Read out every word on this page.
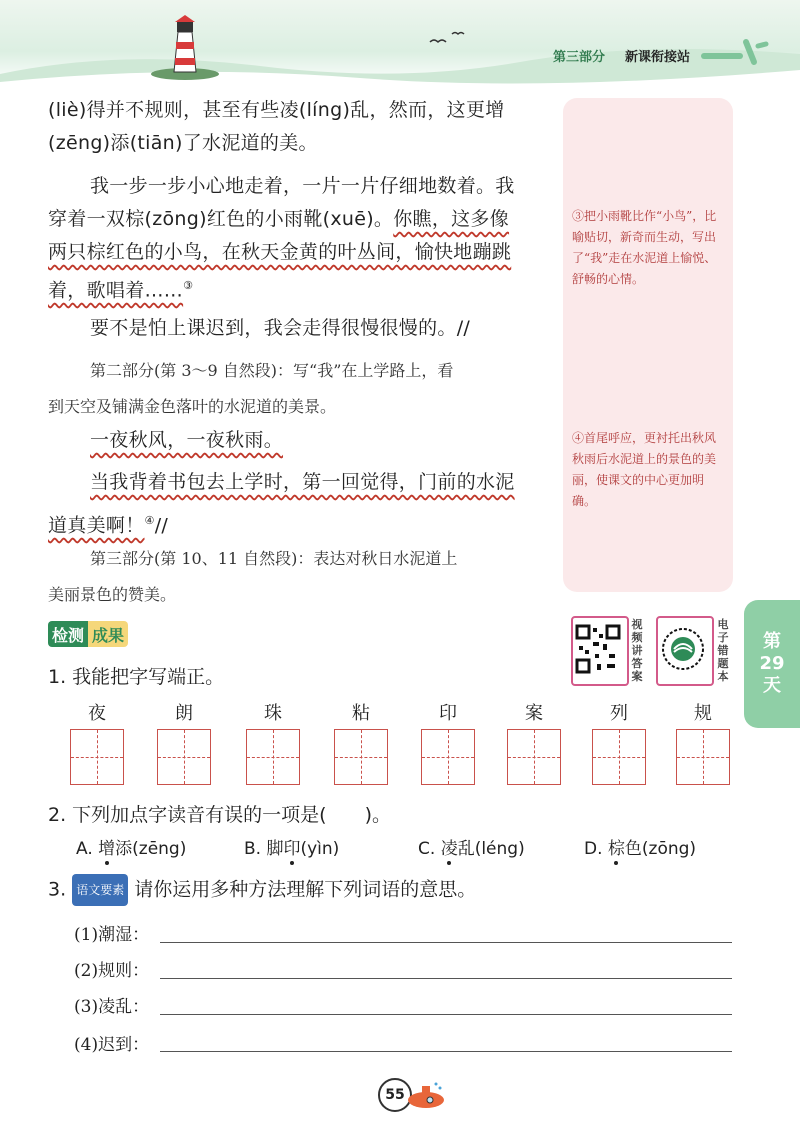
第三部分 新课衔接站
(liè)得并不规则，甚至有些凌(líng)乱，然而，这更增
(zēng)添(tiān)了水泥道的美。
我一步一步小心地走着，一片一片仔细地数着。我
穿着一双棕(zōng)红色的小雨靴(xuē)。你瞧，这多像
两只棕红色的小鸟，在秋天金黄的叶丛间，愉快地蹦跳
着，歌唱着……③
要不是怕上课迟到，我会走得很慢很慢的。//
第二部分(第 3～9 自然段)：写“我”在上学路上，看
到天空及铺满金色落叶的水泥道的美景。
一夜秋风，一夜秋雨。
当我背着书包去上学时，第一回觉得，门前的水泥
道真美啊！④//
第三部分(第 10、11 自然段)：表达对秋日水泥道上
美丽景色的赞美。
③把小雨靴比作“小鸟”，比喻贴切，新奇而生动，写出了“我”走在水泥道上愉悦、舒畅的心情。
④首尾呼应，更衬托出秋风秋雨后水泥道上的景色的美丽，使课文的中心更加明确。
第
29
天
检测 成果
视频讲答案
电子错题本
1. 我能把字写端正。
夜	朗	珠	粘	印	案	列	规
2. 下列加点字读音有误的一项是(　　)。
A. 增添(zēng)	B. 脚印(yìn)	C. 凌乱(léng)	D. 棕色(zōng)
3. 语文要素 请你运用多种方法理解下列词语的意思。
(1)潮湿：
(2)规则：
(3)凌乱：
(4)迟到：
55
